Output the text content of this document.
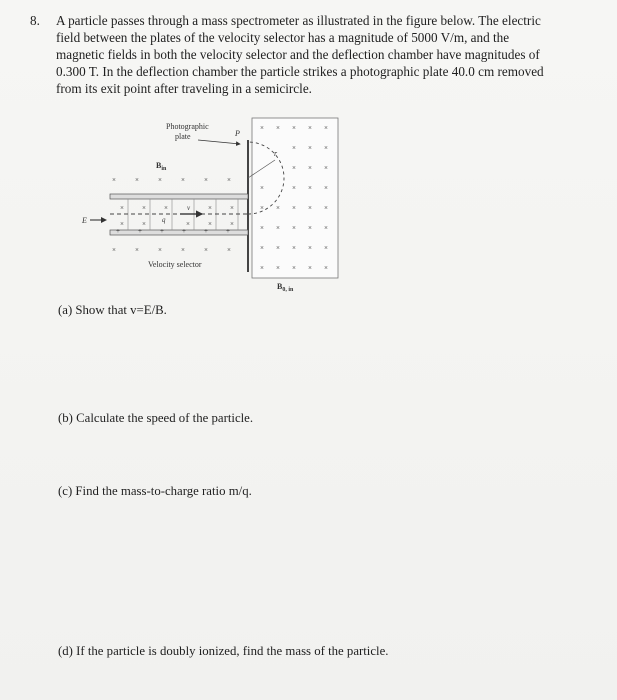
8. A particle passes through a mass spectrometer as illustrated in the figure below. The electric
field between the plates of the velocity selector has a magnitude of 5000 V/m, and the
magnetic fields in both the velocity selector and the deflection chamber have magnitudes of
0.300 T. In the deflection chamber the particle strikes a photographic plate 40.0 cm removed
from its exit point after traveling in a semicircle.
Photographic
plate	P
r
$B_{in}$
$B_{0, in}$
E	q
v
Velocity selector
+	+	+	+	+	+
×	×	×	×	×	×
×	×	×	×	×
×	×	×	×	×
×	×	×	×	×	×
× × × × ×
× × ×
× × ×
×	× × ×
× × × × ×
× × × × ×
× × × × ×
× × × × ×
(a) Show that v=E/B.
(b) Calculate the speed of the particle.
(c) Find the mass-to-charge ratio m/q.
(d) If the particle is doubly ionized, find the mass of the particle.
